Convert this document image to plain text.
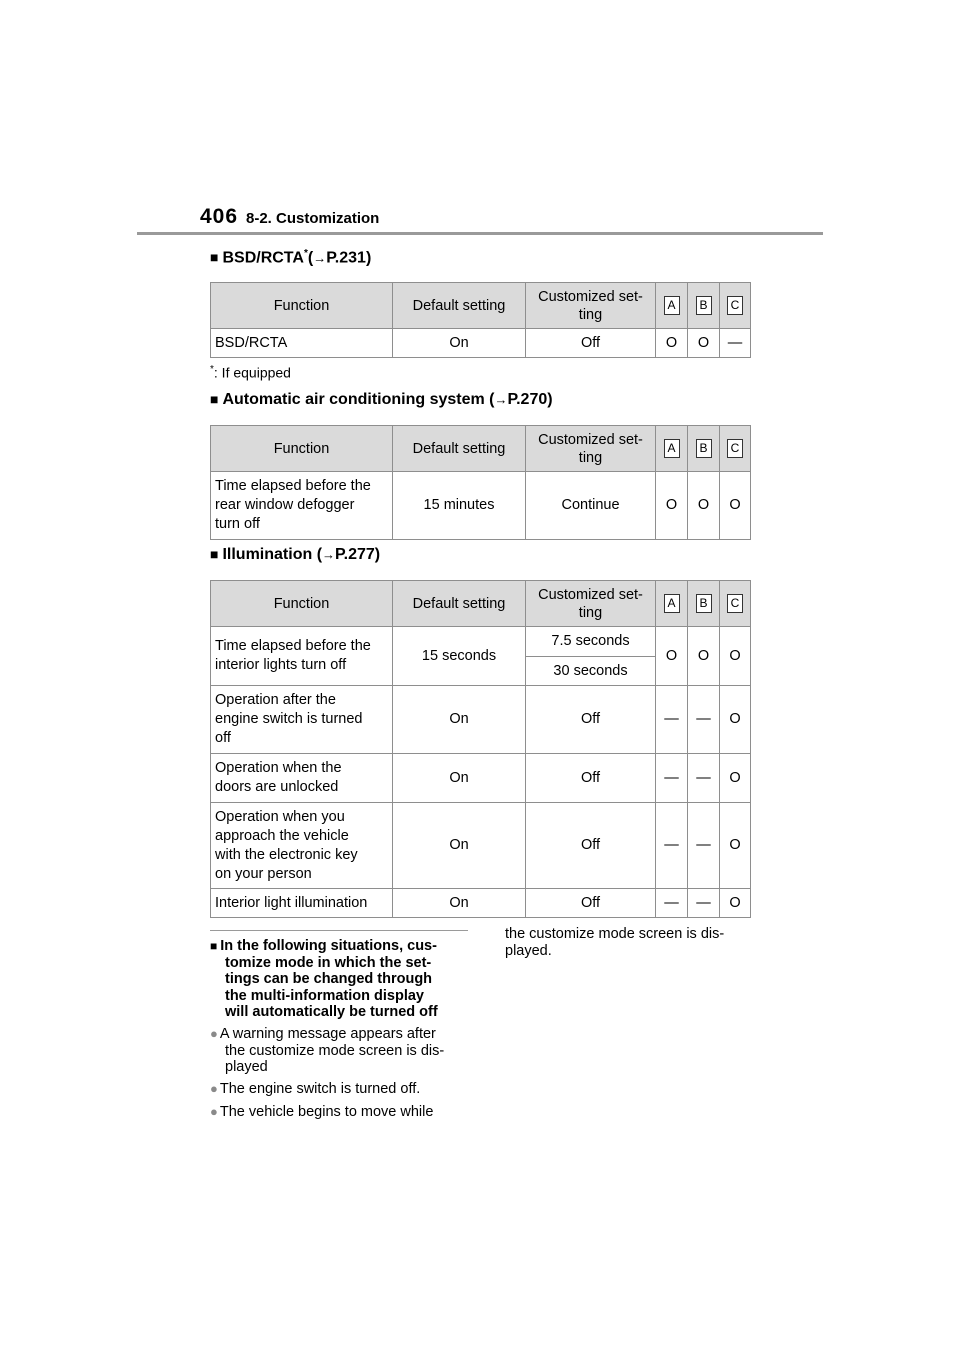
406 8-2. Customization
■ BSD/RCTA*(→P.231)
Function	Default setting	Customized set-
ting	A	B	C
BSD/RCTA	On	Off	O	O	—
*: If equipped
■ Automatic air conditioning system (→P.270)
Function	Default setting	Customized set-
ting	A	B	C
Time elapsed before the
rear window defogger
turn off	15 minutes	Continue	O	O	O
■ Illumination (→P.277)
Function	Default setting	Customized set-
ting	A	B	C
Time elapsed before the
interior lights turn off	15 seconds	7.5 seconds	O	O	O
		30 seconds			
Operation after the
engine switch is turned
off	On	Off	—	—	O
Operation when the
doors are unlocked	On	Off	—	—	O
Operation when you
approach the vehicle
with the electronic key
on your person	On	Off	—	—	O
Interior light illumination	On	Off	—	—	O
■ In the following situations, cus-
tomize mode in which the set-
tings can be changed through
the multi-information display
will automatically be turned off
● A warning message appears after
the customize mode screen is dis-
played
● The engine switch is turned off.
● The vehicle begins to move while
the customize mode screen is dis-
played.
